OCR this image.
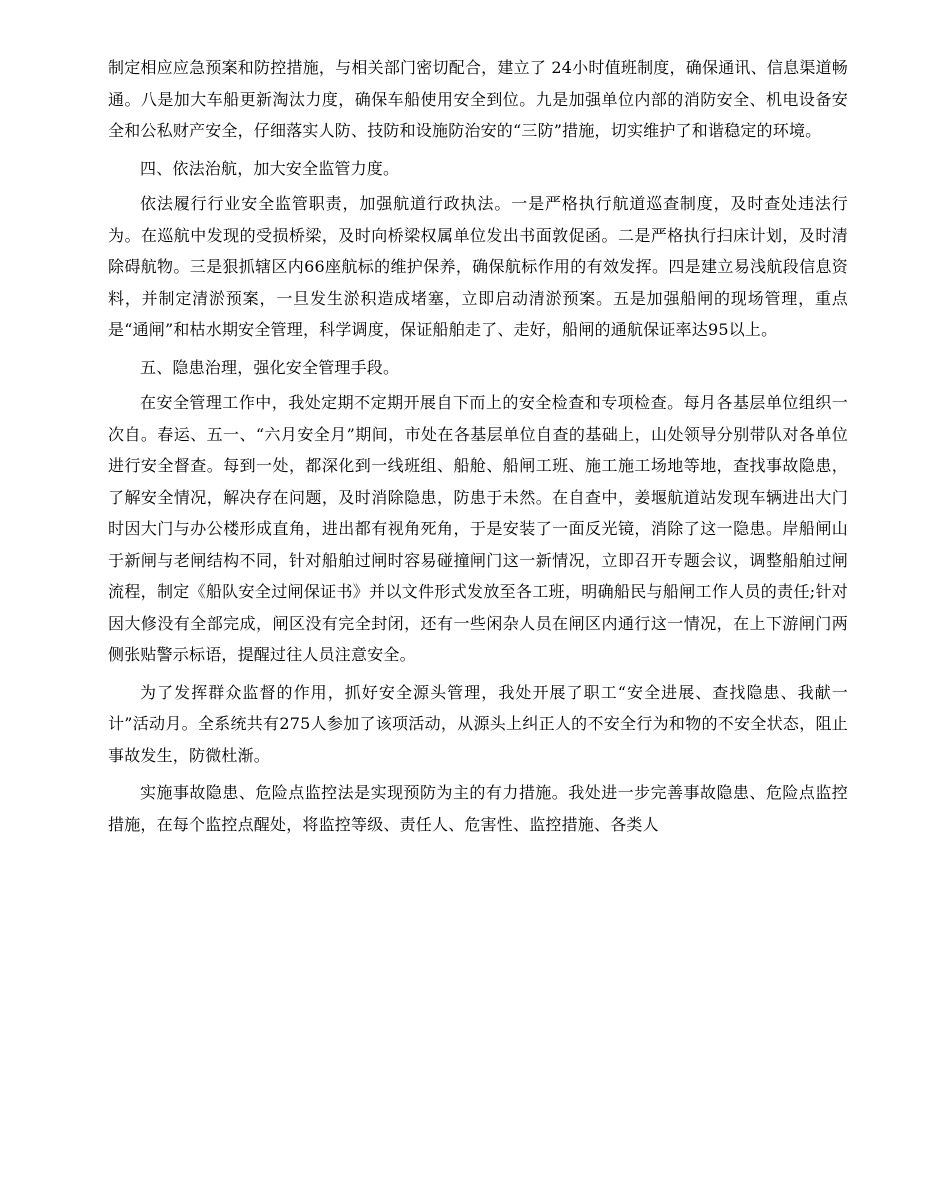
制定相应应急预案和防控措施，与相关部门密切配合，建立了 24小时值班制度，确保通讯、信息渠道畅通。八是加大车船更新淘汰力度，确保车船使用安全到位。九是加强单位内部的消防安全、机电设备安全和公私财产安全，仔细落实人防、技防和设施防治安的“三防”措施，切实维护了和谐稳定的环境。

四、依法治航，加大安全监管力度。

依法履行行业安全监管职责，加强航道行政执法。一是严格执行航道巡查制度，及时查处违法行为。在巡航中发现的受损桥梁，及时向桥梁权属单位发出书面敦促函。二是严格执行扫床计划，及时清除碍航物。三是狠抓辖区内66座航标的维护保养，确保航标作用的有效发挥。四是建立易浅航段信息资料，并制定清淤预案，一旦发生淤积造成堵塞，立即启动清淤预案。五是加强船闸的现场管理，重点是“通闸”和枯水期安全管理，科学调度，保证船舶走了、走好，船闸的通航保证率达95以上。

五、隐患治理，强化安全管理手段。

在安全管理工作中，我处定期不定期开展自下而上的安全检查和专项检查。每月各基层单位组织一次自。春运、五一、“六月安全月”期间，市处在各基层单位自查的基础上，山处领导分别带队对各单位进行安全督查。每到一处，都深化到一线班组、船舱、船闸工班、施工施工场地等地，查找事故隐患，了解安全情况，解决存在问题，及时消除隐患，防患于未然。在自查中，姜堰航道站发现车辆进出大门时因大门与办公楼形成直角，进出都有视角死角，于是安装了一面反光镜，消除了这一隐患。岸船闸山于新闸与老闸结构不同，针对船舶过闸时容易碰撞闸门这一新情况，立即召开专题会议，调整船舶过闸流程，制定《船队安全过闸保证书》并以文件形式发放至各工班，明确船民与船闸工作人员的责任;针对因大修没有全部完成，闸区没有完全封闭，还有一些闲杂人员在闸区内通行这一情况，在上下游闸门两侧张贴警示标语，提醒过往人员注意安全。

为了发挥群众监督的作用，抓好安全源头管理，我处开展了职工“安全进展、查找隐患、我献一计”活动月。全系统共有275人参加了该项活动，从源头上纠正人的不安全行为和物的不安全状态，阻止事故发生，防微杜渐。

实施事故隐患、危险点监控法是实现预防为主的有力措施。我处进一步完善事故隐患、危险点监控措施，在每个监控点醒处，将监控等级、责任人、危害性、监控措施、各类人
